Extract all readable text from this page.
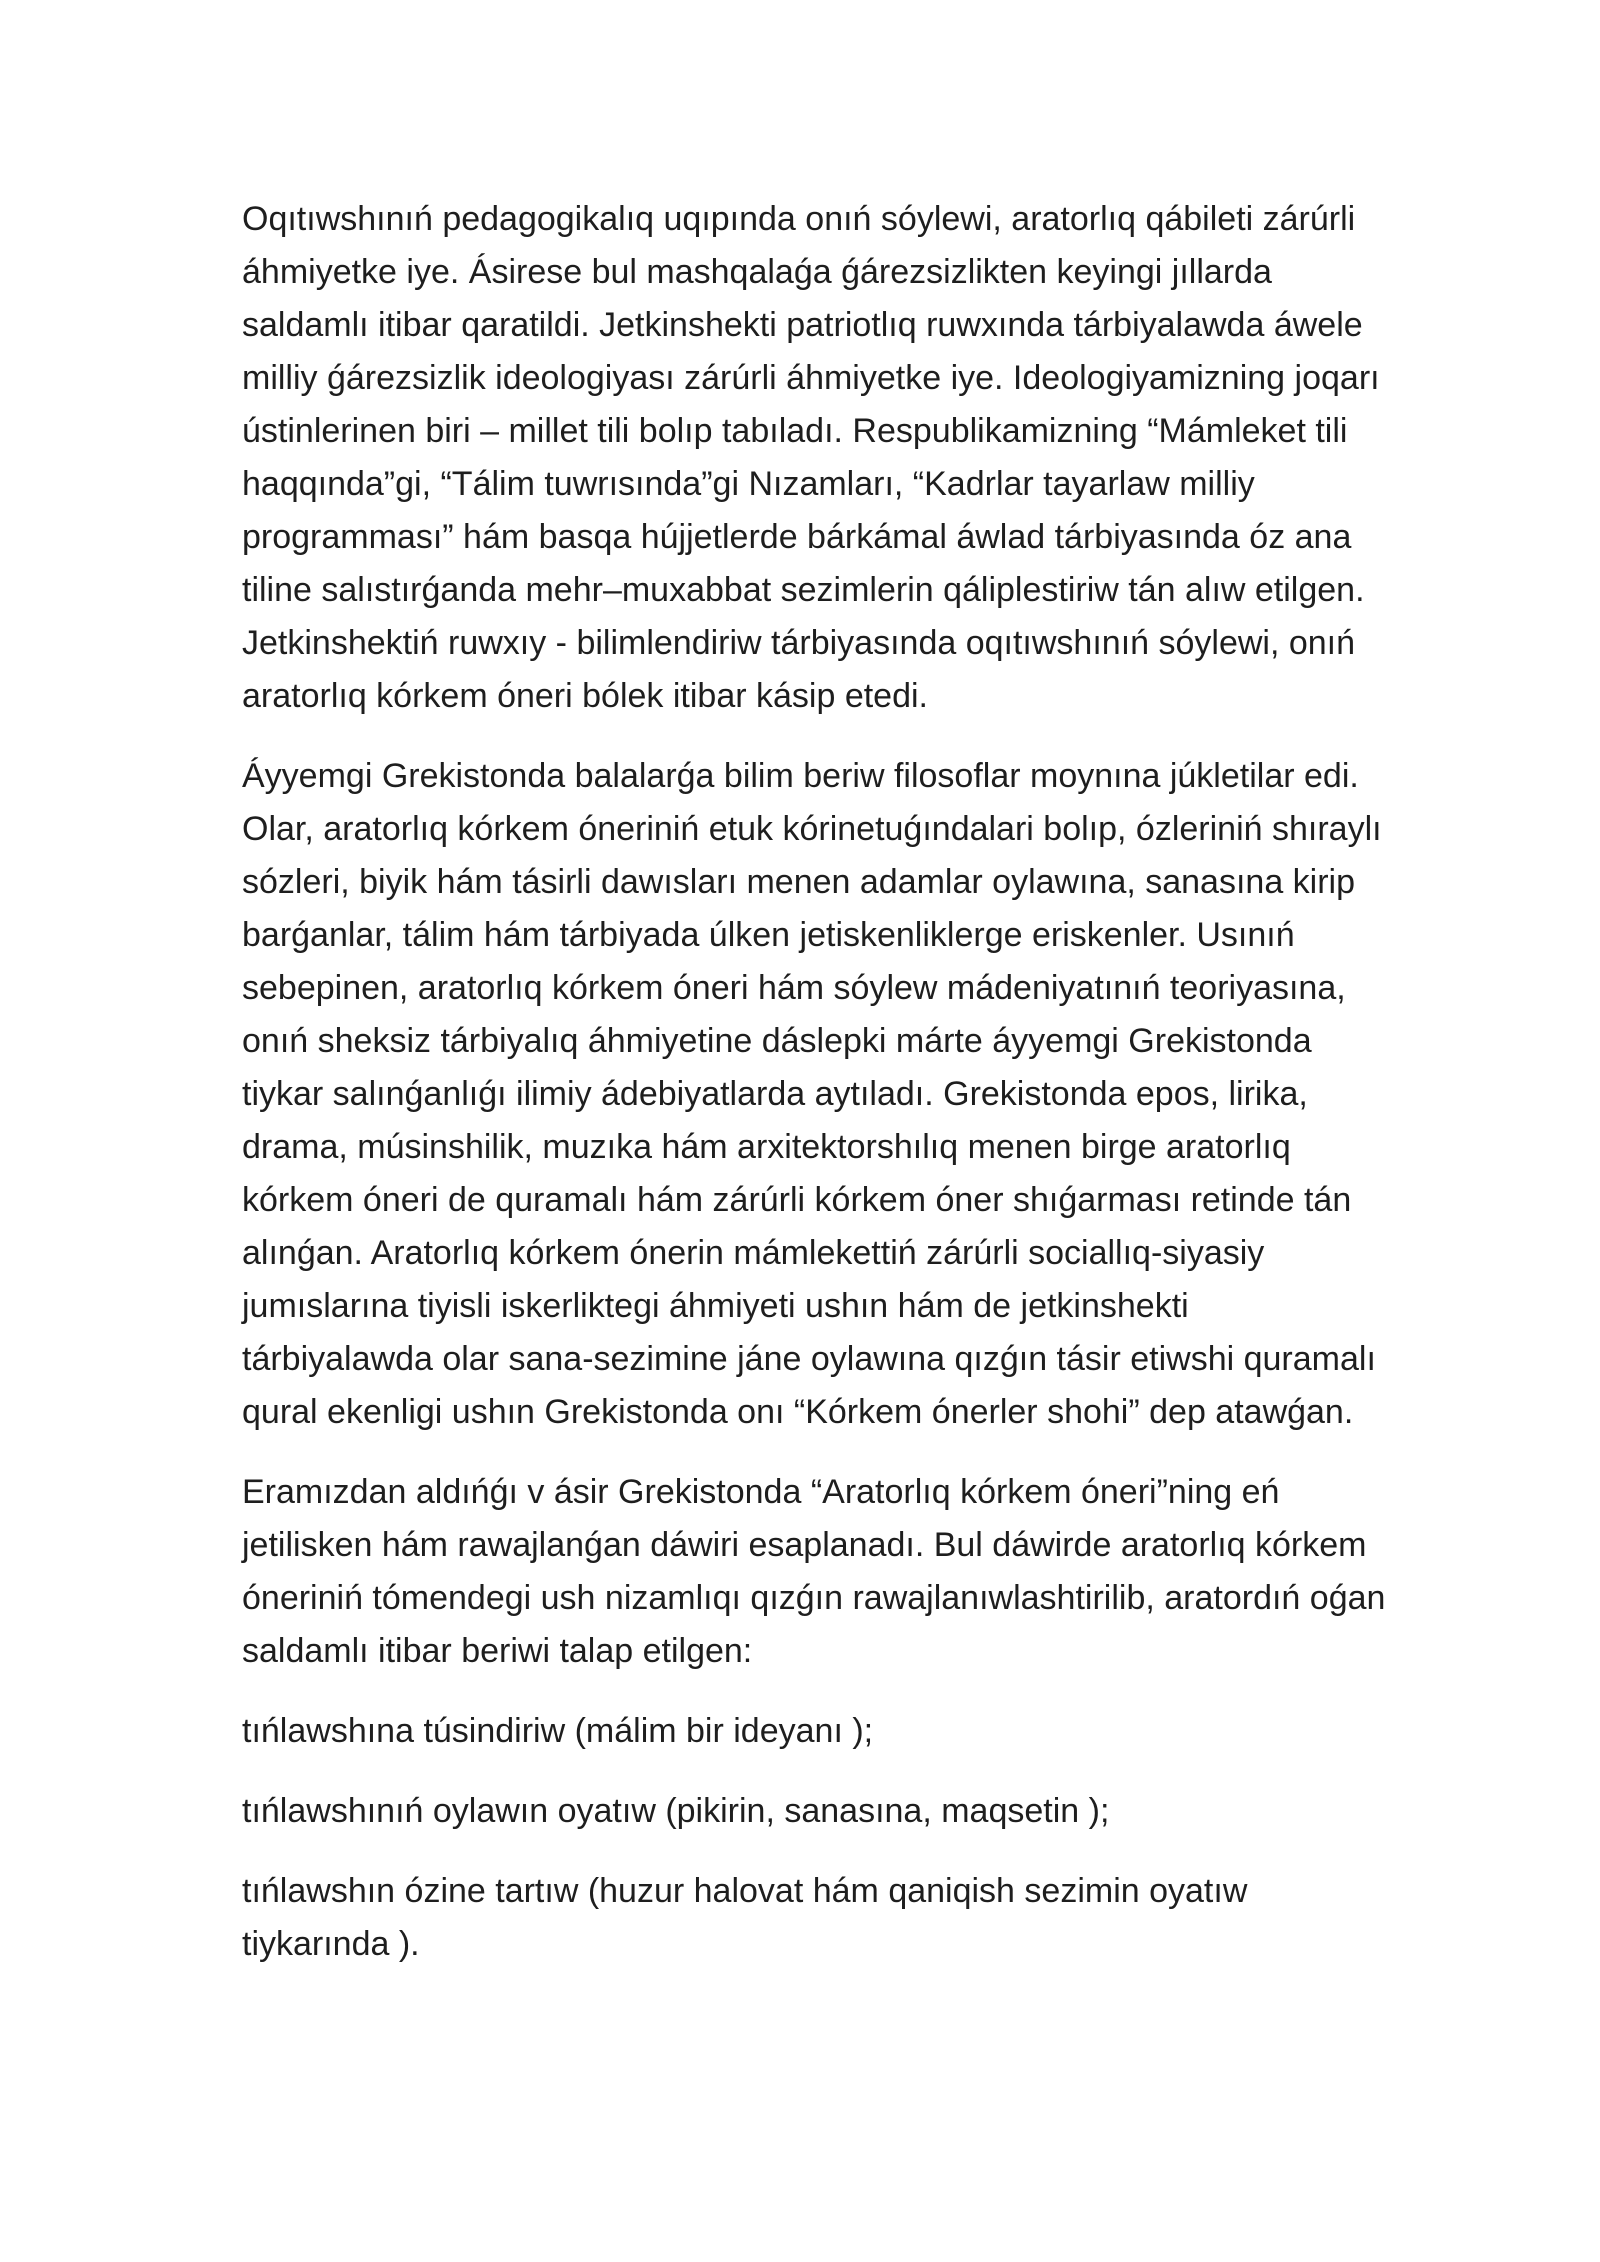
Oqıtıwshınıń pedagogikalıq uqıpında onıń sóylewi, aratorlıq qábileti zárúrli áhmiyetke iye. Ásirese bul mashqalaǵa ǵárezsizlikten keyingi jıllarda saldamlı itibar qaratildi. Jetkinshekti patriotlıq ruwxında tárbiyalawda áwele milliy ǵárezsizlik ideologiyası zárúrli áhmiyetke iye. Ideologiyamizning joqarı ústinlerinen biri – millet tili bolıp tabıladı. Respublikamizning “Mámleket tili haqqında”gi, “Tálim tuwrısında”gi Nızamları, “Kadrlar tayarlaw milliy programması” hám basqa hújjetlerde bárkámal áwlad tárbiyasında óz ana tiline salıstırǵanda mehr–muxabbat sezimlerin qáliplestiriw tán alıw etilgen. Jetkinshektiń ruwxıy - bilimlendiriw tárbiyasında oqıtıwshınıń sóylewi, onıń aratorlıq kórkem óneri bólek itibar kásip etedi.

Áyyemgi Grekistonda balalarǵa bilim beriw filosoflar moynına júkletilar edi. Olar, aratorlıq kórkem óneriniń etuk kórinetuǵındalari bolıp, ózleriniń shıraylı sózleri, biyik hám tásirli dawısları menen adamlar oylawına, sanasına kirip barǵanlar, tálim hám tárbiyada úlken jetiskenliklerge eriskenler. Usınıń sebepinen, aratorlıq kórkem óneri hám sóylew mádeniyatınıń teoriyasına, onıń sheksiz tárbiyalıq áhmiyetine dáslepki márte áyyemgi Grekistonda tiykar salınǵanlıǵı ilimiy ádebiyatlarda aytıladı. Grekistonda epos, lirika, drama, músinshilik, muzıka hám arxitektorshılıq menen birge aratorlıq kórkem óneri de quramalı hám zárúrli kórkem óner shıǵarması retinde tán alınǵan. Aratorlıq kórkem ónerin mámlekettiń zárúrli sociallıq-siyasiy jumıslarına tiyisli iskerliktegi áhmiyeti ushın hám de jetkinshekti tárbiyalawda olar sana-sezimine jáne oylawına qızǵın tásir etiwshi quramalı qural ekenligi ushın Grekistonda onı “Kórkem ónerler shohi” dep atawǵan.

Eramızdan aldıńǵı v ásir Grekistonda “Aratorlıq kórkem óneri”ning eń jetilisken hám rawajlanǵan dáwiri esaplanadı. Bul dáwirde aratorlıq kórkem óneriniń tómendegi ush nizamlıqı qızǵın rawajlanıwlashtirilib, aratordıń oǵan saldamlı itibar beriwi talap etilgen:

tıńlawshına túsindiriw (málim bir ideyanı );

tıńlawshınıń oylawın oyatıw (pikirin, sanasına, maqsetin );

tıńlawshın ózine tartıw (huzur halovat hám qaniqish sezimin oyatıw tiykarında ).
